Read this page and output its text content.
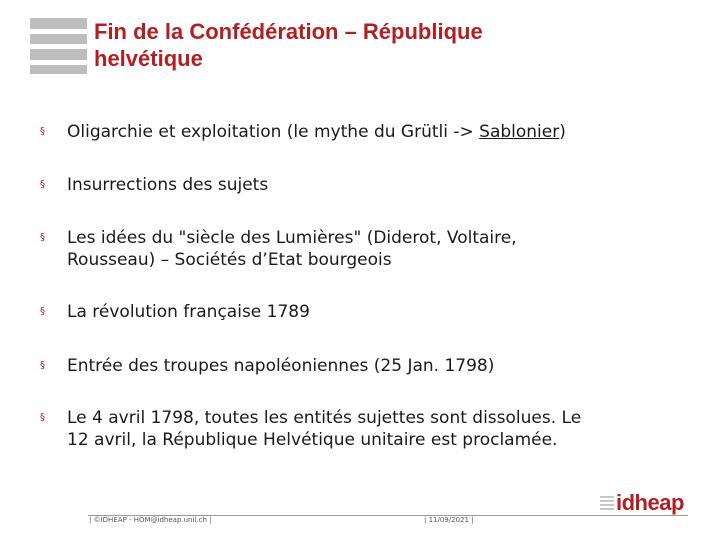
Fin de la Confédération – République
helvétique
§	Oligarchie et exploitation (le mythe du Grütli -> Sablonier)
§	Insurrections des sujets
§	Les idées du "siècle des Lumières" (Diderot, Voltaire,
Rousseau) – Sociétés d’Etat bourgeois
§	La révolution française 1789
§	Entrée des troupes napoléoniennes (25 Jan. 1798)
§	Le 4 avril 1798, toutes les entités sujettes sont dissolues. Le
12 avril, la République Helvétique unitaire est proclamée.
| ©IDHEAP - HOM@idheap.unil.ch |	| 11/09/2021 |
idheap
